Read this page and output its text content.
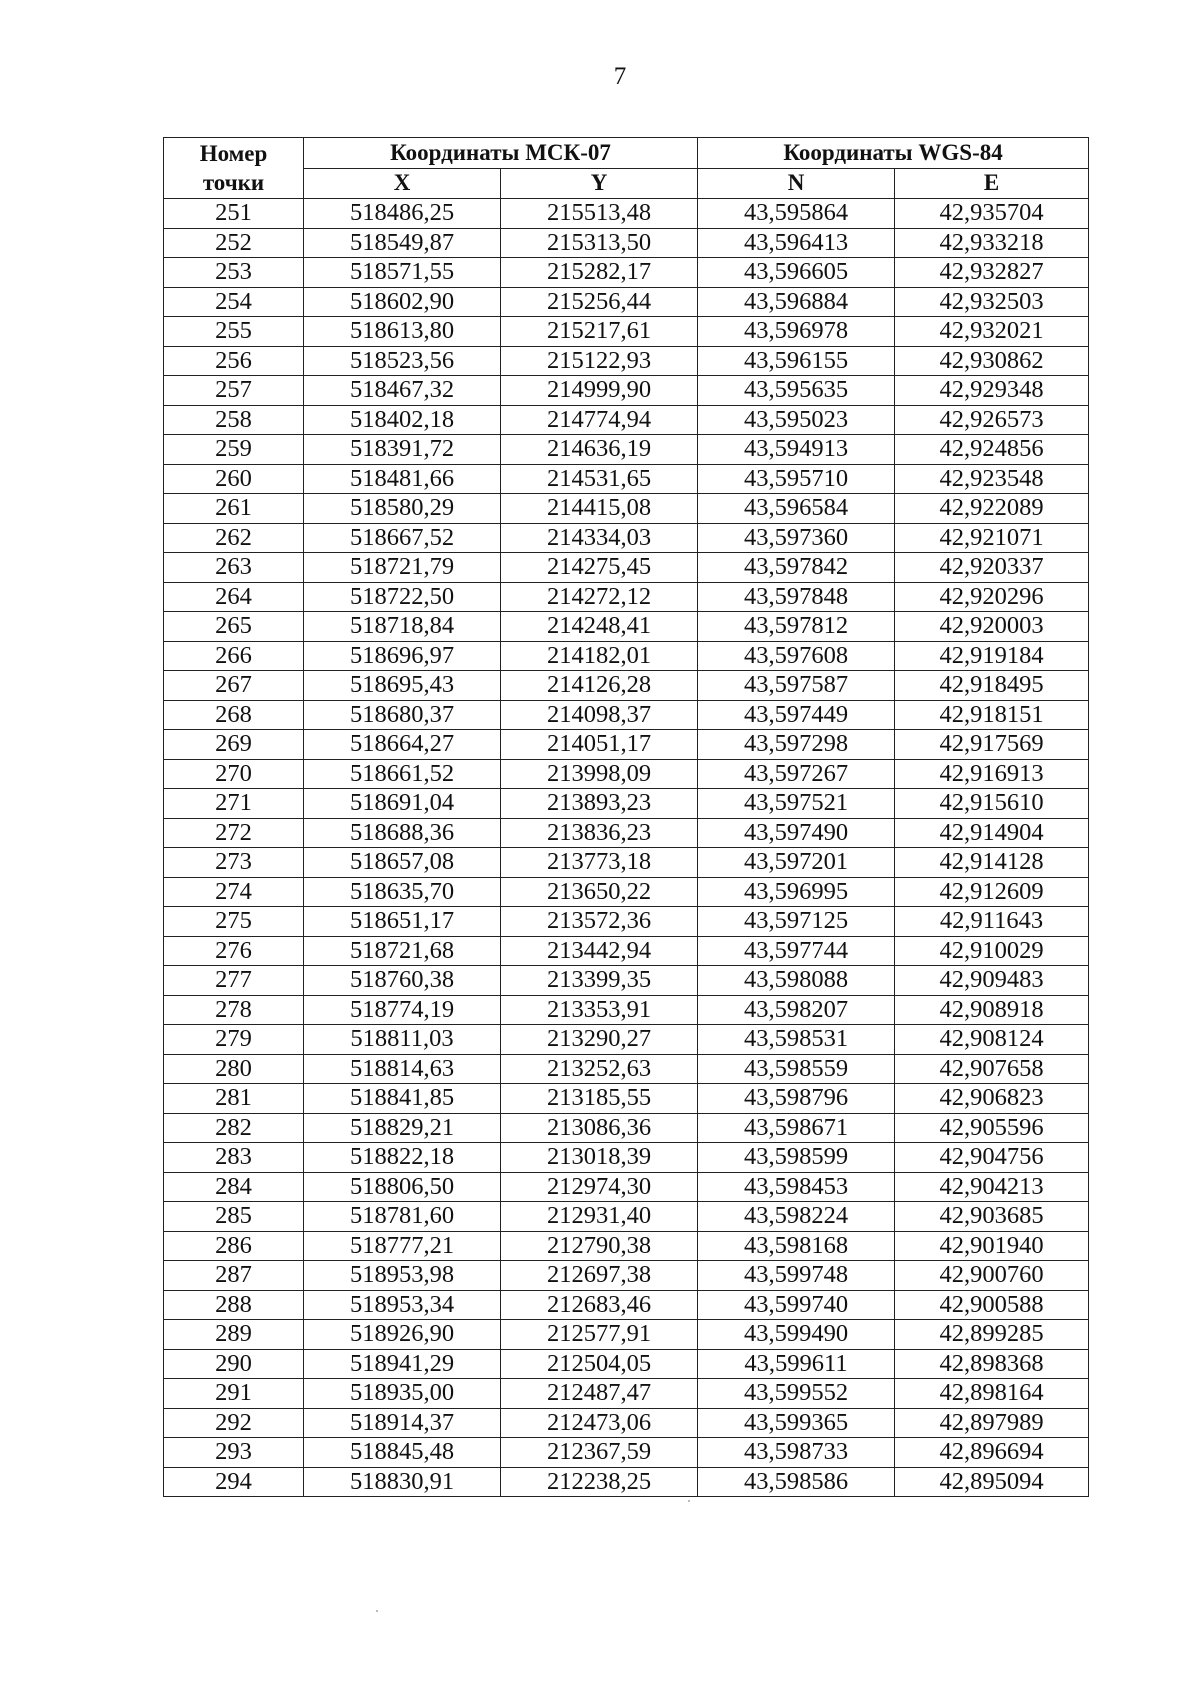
7
Номер
точки	Координаты МСК-07		Координаты WGS-84	
	X	Y	N	E
251	518486,25	215513,48	43,595864	42,935704
252	518549,87	215313,50	43,596413	42,933218
253	518571,55	215282,17	43,596605	42,932827
254	518602,90	215256,44	43,596884	42,932503
255	518613,80	215217,61	43,596978	42,932021
256	518523,56	215122,93	43,596155	42,930862
257	518467,32	214999,90	43,595635	42,929348
258	518402,18	214774,94	43,595023	42,926573
259	518391,72	214636,19	43,594913	42,924856
260	518481,66	214531,65	43,595710	42,923548
261	518580,29	214415,08	43,596584	42,922089
262	518667,52	214334,03	43,597360	42,921071
263	518721,79	214275,45	43,597842	42,920337
264	518722,50	214272,12	43,597848	42,920296
265	518718,84	214248,41	43,597812	42,920003
266	518696,97	214182,01	43,597608	42,919184
267	518695,43	214126,28	43,597587	42,918495
268	518680,37	214098,37	43,597449	42,918151
269	518664,27	214051,17	43,597298	42,917569
270	518661,52	213998,09	43,597267	42,916913
271	518691,04	213893,23	43,597521	42,915610
272	518688,36	213836,23	43,597490	42,914904
273	518657,08	213773,18	43,597201	42,914128
274	518635,70	213650,22	43,596995	42,912609
275	518651,17	213572,36	43,597125	42,911643
276	518721,68	213442,94	43,597744	42,910029
277	518760,38	213399,35	43,598088	42,909483
278	518774,19	213353,91	43,598207	42,908918
279	518811,03	213290,27	43,598531	42,908124
280	518814,63	213252,63	43,598559	42,907658
281	518841,85	213185,55	43,598796	42,906823
282	518829,21	213086,36	43,598671	42,905596
283	518822,18	213018,39	43,598599	42,904756
284	518806,50	212974,30	43,598453	42,904213
285	518781,60	212931,40	43,598224	42,903685
286	518777,21	212790,38	43,598168	42,901940
287	518953,98	212697,38	43,599748	42,900760
288	518953,34	212683,46	43,599740	42,900588
289	518926,90	212577,91	43,599490	42,899285
290	518941,29	212504,05	43,599611	42,898368
291	518935,00	212487,47	43,599552	42,898164
292	518914,37	212473,06	43,599365	42,897989
293	518845,48	212367,59	43,598733	42,896694
294	518830,91	212238,25	43,598586	42,895094
